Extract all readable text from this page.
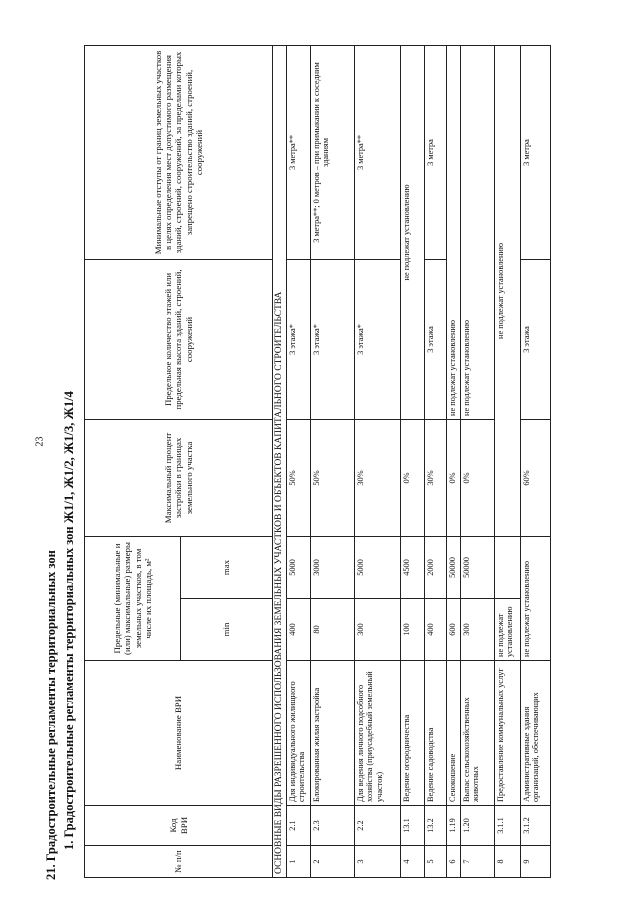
23
21. Градостроительные регламенты территориальных зон 1. Градостроительные регламенты территориальных зон Ж1/1, Ж1/2, Ж1/3, Ж1/4
№ п/п	Код ВРИ	Наименование ВРИ	Предельные (минимальные и (или) максимальные) размеры земельных участков, в том числе их площадь, м²		Максимальный процент застройки в границах земельного участка	Предельное количество этажей или предельная высота зданий, строений, сооружений	Минимальные отступы от границ земельных участков в целях определения мест допустимого размещения зданий, строений, сооружений, за пределами которых запрещено строительство зданий, строений, сооружений
			min	max			
ОСНОВНЫЕ ВИДЫ РАЗРЕШЕННОГО ИСПОЛЬЗОВАНИЯ ЗЕМЕЛЬНЫХ УЧАСТКОВ И ОБЪЕКТОВ КАПИТАЛЬНОГО СТРОИТЕЛЬСТВА							
1	2.1	Для индивидуального жилищного строительства	400	5000	50%	3 этажа*	3 метра**
2	2.3	Блокированная жилая застройка	80	3000	50%	3 этажа*	3 метра**; 0 метров – при примыкании к соседним зданиям
3	2.2	Для ведения личного подсобного хозяйства (приусадебный земельный участок)	300	5000	30%	3 этажа*	3 метра**
4	13.1	Ведение огородничества	100	4500	0%	не подлежат установлению	
5	13.2	Ведение садоводства	400	2000	30%	3 этажа	3 метра
6	1.19	Сенокошение	600	50000	0%	не подлежат установлению	
7	1.20	Выпас сельскохозяйственных животных	300	50000	0%	не подлежат установлению	
8	3.1.1	Предоставление коммунальных услуг	не подлежат установлению		не подлежат установлению		
9	3.1.2	Административные здания организаций, обеспечивающих	не подлежат установлению		60%	3 этажа	3 метра
